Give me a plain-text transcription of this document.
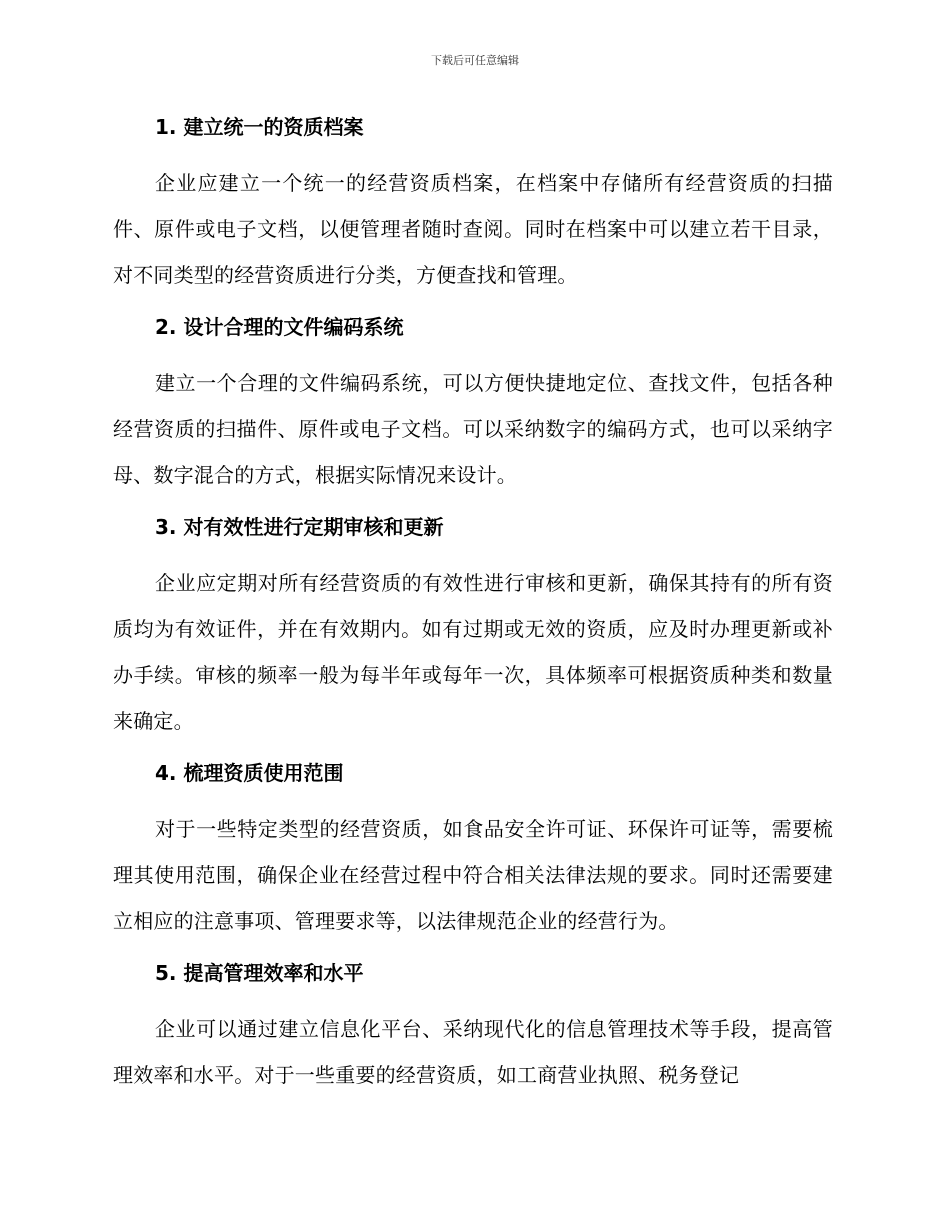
下载后可任意编辑
1. 建立统一的资质档案

企业应建立一个统一的经营资质档案，在档案中存储所有经营资质的扫描件、原件或电子文档，以便管理者随时查阅。同时在档案中可以建立若干目录，对不同类型的经营资质进行分类，方便查找和管理。

2. 设计合理的文件编码系统

建立一个合理的文件编码系统，可以方便快捷地定位、查找文件，包括各种经营资质的扫描件、原件或电子文档。可以采纳数字的编码方式，也可以采纳字母、数字混合的方式，根据实际情况来设计。

3. 对有效性进行定期审核和更新

企业应定期对所有经营资质的有效性进行审核和更新，确保其持有的所有资质均为有效证件，并在有效期内。如有过期或无效的资质，应及时办理更新或补办手续。审核的频率一般为每半年或每年一次，具体频率可根据资质种类和数量来确定。

4. 梳理资质使用范围

对于一些特定类型的经营资质，如食品安全许可证、环保许可证等，需要梳理其使用范围，确保企业在经营过程中符合相关法律法规的要求。同时还需要建立相应的注意事项、管理要求等，以法律规范企业的经营行为。

5. 提高管理效率和水平

企业可以通过建立信息化平台、采纳现代化的信息管理技术等手段，提高管理效率和水平。对于一些重要的经营资质，如工商营业执照、税务登记
